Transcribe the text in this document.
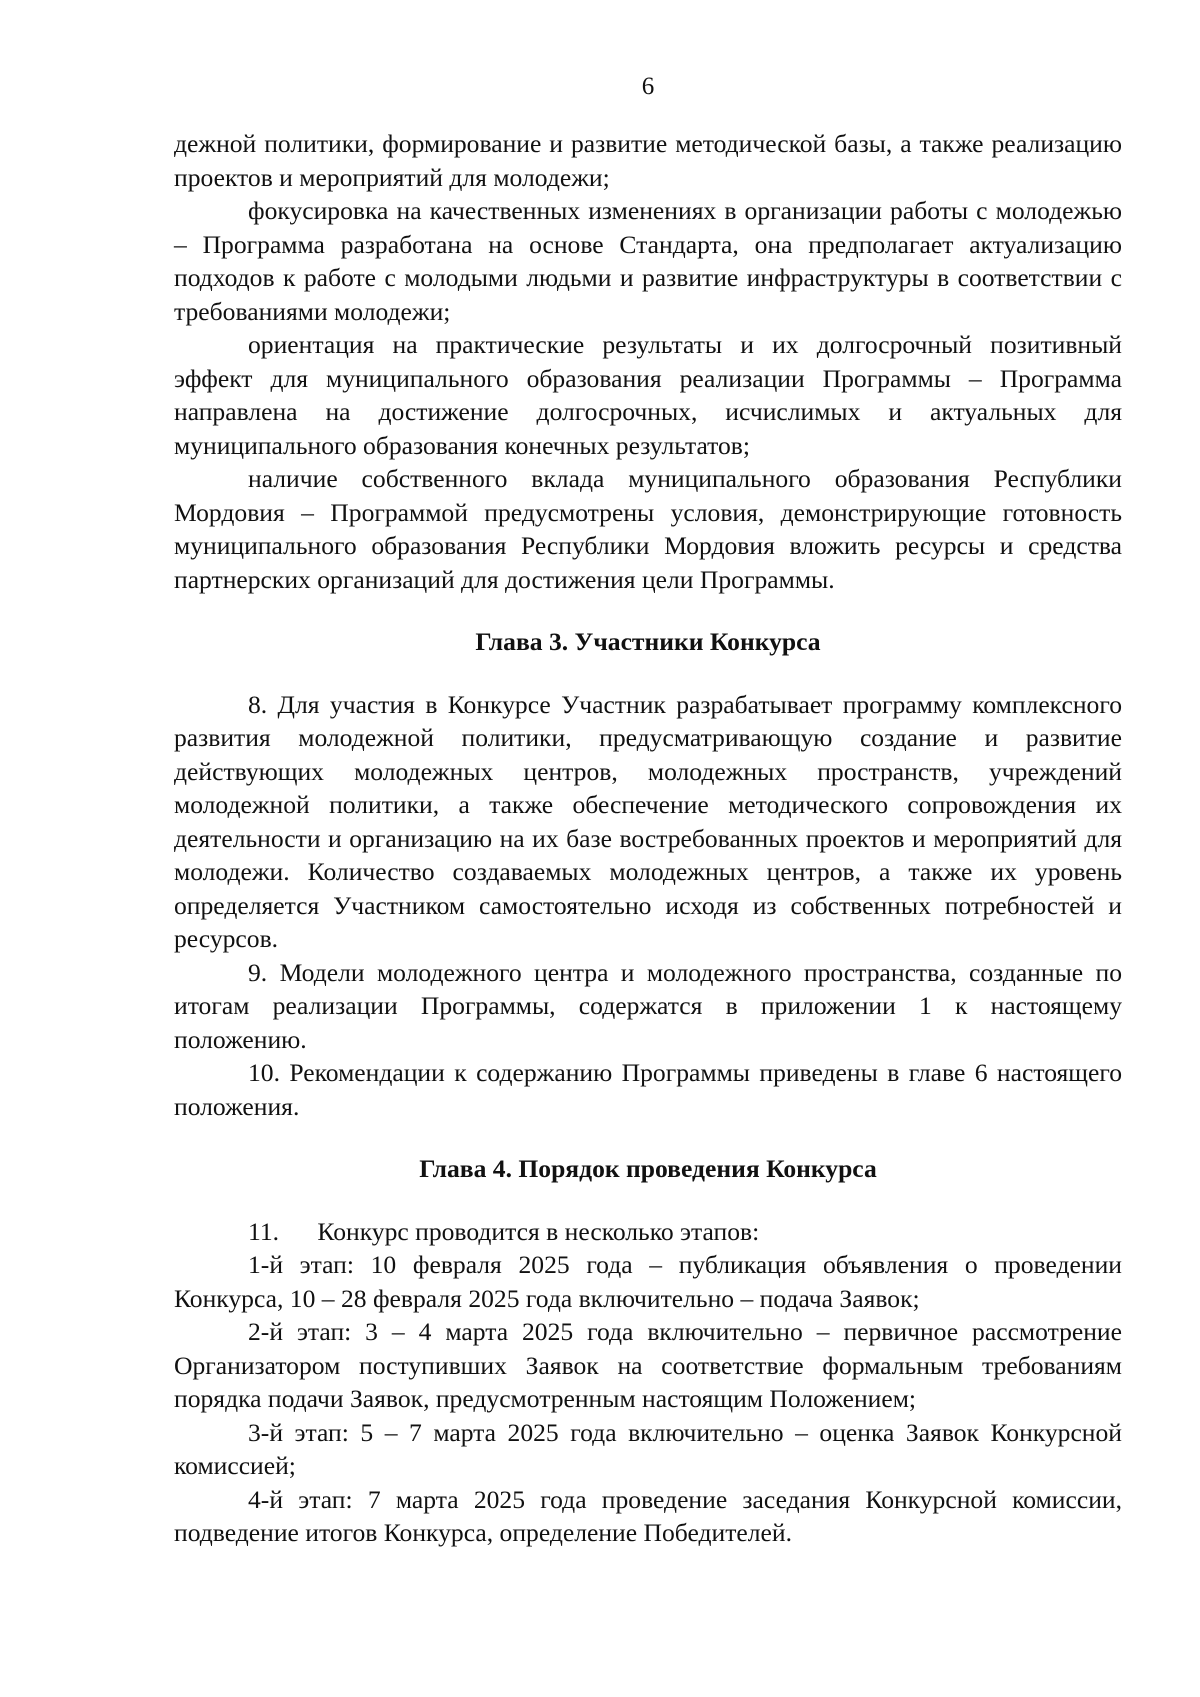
6

дежной политики, формирование и развитие методической базы, а также реализацию проектов и мероприятий для молодежи;

фокусировка на качественных изменениях в организации работы с молодежью – Программа разработана на основе Стандарта, она предполагает актуализацию подходов к работе с молодыми людьми и развитие инфраструктуры в соответствии с требованиями молодежи;

ориентация на практические результаты и их долгосрочный позитивный эффект для муниципального образования реализации Программы – Программа направлена на достижение долгосрочных, исчислимых и актуальных для муниципального образования конечных результатов;

наличие собственного вклада муниципального образования Республики Мордовия – Программой предусмотрены условия, демонстрирующие готовность муниципального образования Республики Мордовия вложить ресурсы и средства партнерских организаций для достижения цели Программы.

Глава 3. Участники Конкурса

8. Для участия в Конкурсе Участник разрабатывает программу комплексного развития молодежной политики, предусматривающую создание и развитие действующих молодежных центров, молодежных пространств, учреждений молодежной политики, а также обеспечение методического сопровождения их деятельности и организацию на их базе востребованных проектов и мероприятий для молодежи. Количество создаваемых молодежных центров, а также их уровень определяется Участником самостоятельно исходя из собственных потребностей и ресурсов.

9. Модели молодежного центра и молодежного пространства, созданные по итогам реализации Программы, содержатся в приложении 1 к настоящему положению.

10. Рекомендации к содержанию Программы приведены в главе 6 настоящего положения.

Глава 4. Порядок проведения Конкурса

11.      Конкурс проводится в несколько этапов:

1-й этап: 10 февраля 2025 года – публикация объявления о проведении Конкурса, 10 – 28 февраля 2025 года включительно – подача Заявок;

2-й этап: 3 – 4 марта 2025 года включительно – первичное рассмотрение Организатором поступивших Заявок на соответствие формальным требованиям порядка подачи Заявок, предусмотренным настоящим Положением;

3-й этап: 5 – 7 марта 2025 года включительно – оценка Заявок Конкурсной комиссией;

4-й этап: 7 марта 2025 года проведение заседания Конкурсной комиссии, подведение итогов Конкурса, определение Победителей.
